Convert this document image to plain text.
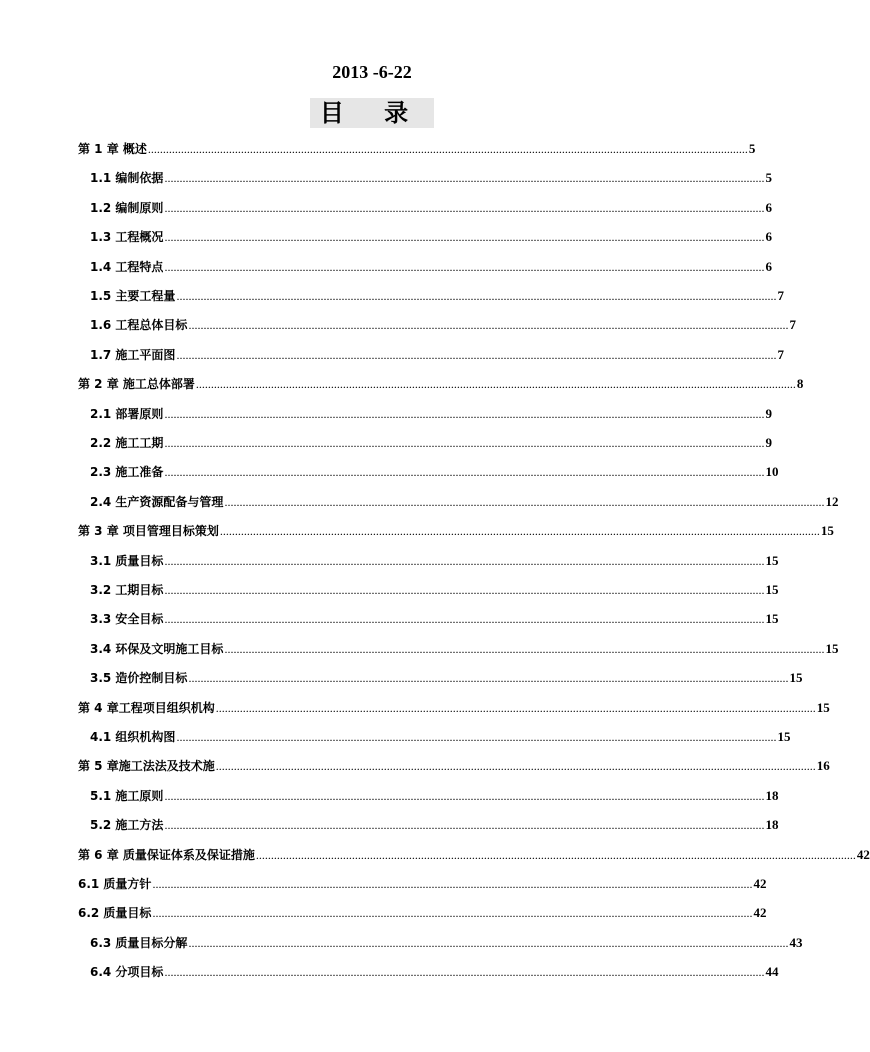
2013 -6-22
目 录
第 1 章 概述 ........................................................................................................................................................................................................ 5
1.1 编制依据 ........................................................................................................................................................................................................ 5
1.2 编制原则 ........................................................................................................................................................................................................ 6
1.3 工程概况 ........................................................................................................................................................................................................ 6
1.4 工程特点 ........................................................................................................................................................................................................ 6
1.5 主要工程量 ........................................................................................................................................................................................................ 7
1.6 工程总体目标 ........................................................................................................................................................................................................ 7
1.7 施工平面图 ........................................................................................................................................................................................................ 7
第 2 章 施工总体部署 ........................................................................................................................................................................................................ 8
2.1 部署原则 ........................................................................................................................................................................................................ 9
2.2 施工工期 ........................................................................................................................................................................................................ 9
2.3 施工准备 ........................................................................................................................................................................................................ 10
2.4 生产资源配备与管理 ........................................................................................................................................................................................................ 12
第 3 章 项目管理目标策划 ........................................................................................................................................................................................................ 15
3.1 质量目标 ........................................................................................................................................................................................................ 15
3.2 工期目标 ........................................................................................................................................................................................................ 15
3.3 安全目标 ........................................................................................................................................................................................................ 15
3.4 环保及文明施工目标 ........................................................................................................................................................................................................ 15
3.5 造价控制目标 ........................................................................................................................................................................................................ 15
第 4 章工程项目组织机构 ........................................................................................................................................................................................................ 15
4.1 组织机构图 ........................................................................................................................................................................................................ 15
第 5 章施工法法及技术施 ........................................................................................................................................................................................................ 16
5.1 施工原则 ........................................................................................................................................................................................................ 18
5.2 施工方法 ........................................................................................................................................................................................................ 18
第 6 章 质量保证体系及保证措施 ........................................................................................................................................................................................................ 42
6.1 质量方针 ........................................................................................................................................................................................................ 42
6.2 质量目标 ........................................................................................................................................................................................................ 42
6.3 质量目标分解 ........................................................................................................................................................................................................ 43
6.4 分项目标 ........................................................................................................................................................................................................ 44
